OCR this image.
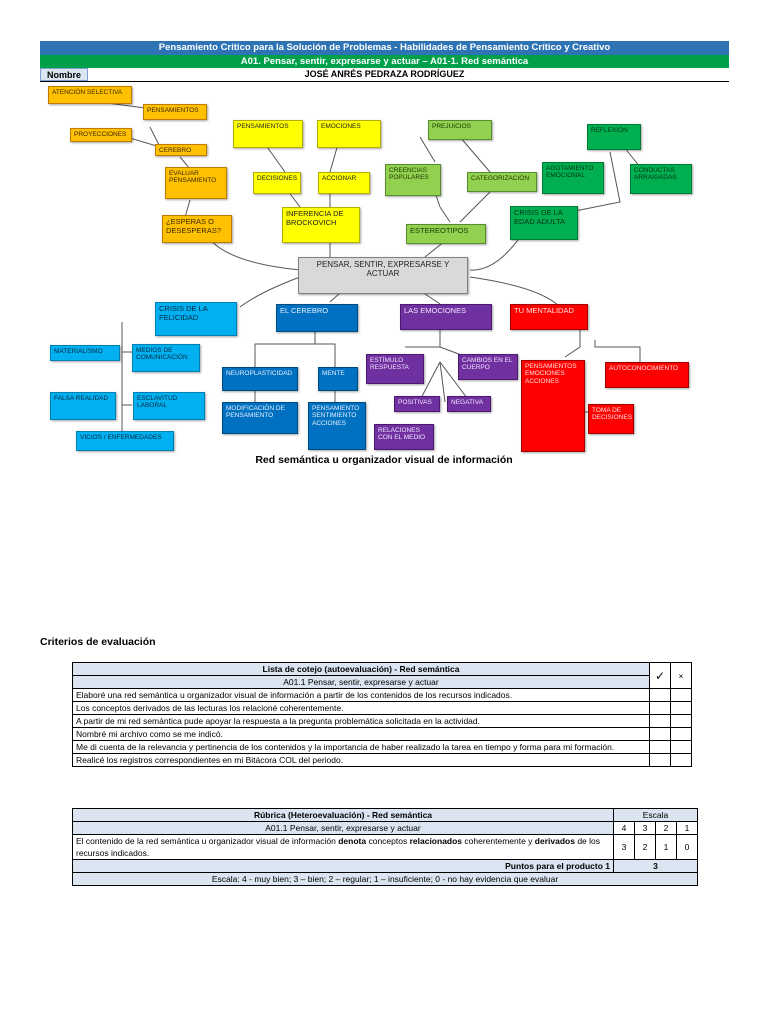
Pensamiento Crítico para la Solución de Problemas - Habilidades de Pensamiento Crítico y Creativo
A01. Pensar, sentir, expresarse y actuar – A01-1. Red semántica
JOSÉ ANRÉS PEDRAZA RODRÍGUEZ
Nombre
ATENCIÓN SELECTIVA
PENSAMIENTOS
PROYECCIONES
CEREBRO
EVALUAR PENSAMIENTO
¿ESPERAS O DESESPERAS?
PENSAMIENTOS	EMOCIONES
DECISIONES	ACCIONAR
INFERENCIA DE BROCKOVICH
PREJUICIOS
CREENCIAS POPULARES	CATEGORIZACIÓN
ESTEREOTIPOS
REFLEXIÓN
AGOTAMIENTO EMOCIONAL
CONDUCTAS ARRAIGADAS
CRISIS DE LA EDAD ADULTA
PENSAR, SENTIR, EXPRESARSE Y ACTUAR
CRISIS DE LA FELICIDAD
MATERIALISMO	MEDIOS DE COMUNICACIÓN
FALSA REALIDAD	ESCLAVITUD LABORAL
VICIOS / ENFERMEDADES
EL CEREBRO
NEUROPLASTICIDAD	MENTE
MODIFICACIÓN DE PENSAMIENTO
PENSAMIENTO SENTIMIENTO ACCIONES
LAS EMOCIONES
ESTÍMULO RESPUESTA
CAMBIOS EN EL CUERPO
POSITIVAS	NEGATIVA
RELACIONES CON EL MEDIO
TU MENTALIDAD
PENSAMIENTOS EMOCIONES ACCIONES
AUTOCONOCIMIENTO
TOMA DE DECISIONES
Red semántica u organizador visual de información
Criterios de evaluación
Lista de cotejo (autoevaluación) - Red semántica	✓	×
A01.1 Pensar, sentir, expresarse y actuar		
Elaboré una red semántica u organizador visual de información a partir de los contenidos de los recursos indicados.		
Los conceptos derivados de las lecturas los relacioné coherentemente.		
A partir de mi red semántica pude apoyar la respuesta a la pregunta problemática solicitada en la actividad.		
Nombré mi archivo como se me indicó.		
Me di cuenta de la relevancia y pertinencia de los contenidos y la importancia de haber realizado la tarea en tiempo y forma para mi formación.		
Realicé los registros correspondientes en mi Bitácora COL del periodo.		
Rúbrica (Heteroevaluación) - Red semántica	Escala			
A01.1 Pensar, sentir, expresarse y actuar	4	3	2	1
El contenido de la red semántica u organizador visual de información denota conceptos relacionados coherentemente y derivados de los recursos indicados.	3	2	1	0
Puntos para el producto 1	3			
Escala: 4 - muy bien; 3 – bien; 2 – regular; 1 – insuficiente; 0 - no hay evidencia que evaluar				
